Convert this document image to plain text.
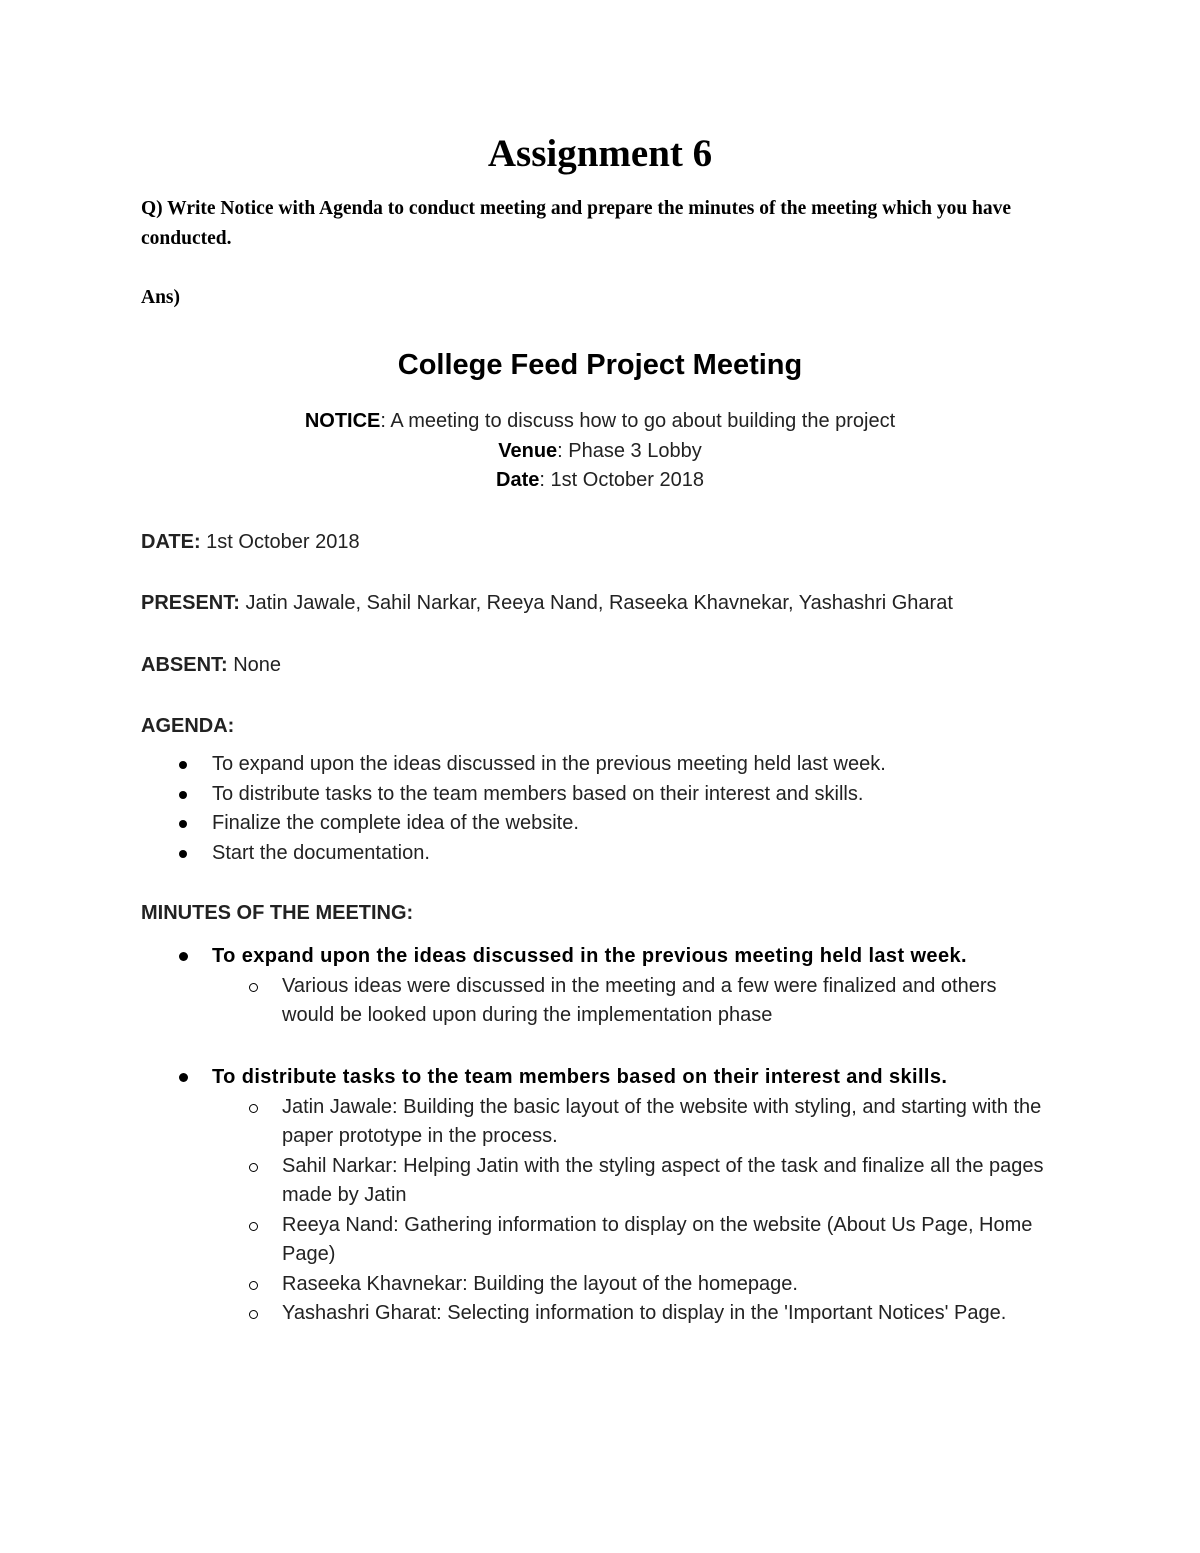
Assignment 6

Q) Write Notice with Agenda to conduct meeting and prepare the minutes of the meeting which you have conducted.

Ans)

College Feed Project Meeting
NOTICE: A meeting to discuss how to go about building the project
Venue: Phase 3 Lobby
Date: 1st October 2018

DATE: 1st October 2018

PRESENT: Jatin Jawale, Sahil Narkar, Reeya Nand, Raseeka Khavnekar, Yashashri Gharat

ABSENT: None

AGENDA:

To expand upon the ideas discussed in the previous meeting held last week.
To distribute tasks to the team members based on their interest and skills.
Finalize the complete idea of the website.
Start the documentation.

MINUTES OF THE MEETING:

To expand upon the ideas discussed in the previous meeting held last week.
Various ideas were discussed in the meeting and a few were finalized and others would be looked upon during the implementation phase
To distribute tasks to the team members based on their interest and skills.
Jatin Jawale: Building the basic layout of the website with styling, and starting with the paper prototype in the process.
Sahil Narkar: Helping Jatin with the styling aspect of the task and finalize all the pages made by Jatin
Reeya Nand: Gathering information to display on the website (About Us Page, Home Page)
Raseeka Khavnekar: Building the layout of the homepage.
Yashashri Gharat: Selecting information to display in the 'Important Notices' Page.
